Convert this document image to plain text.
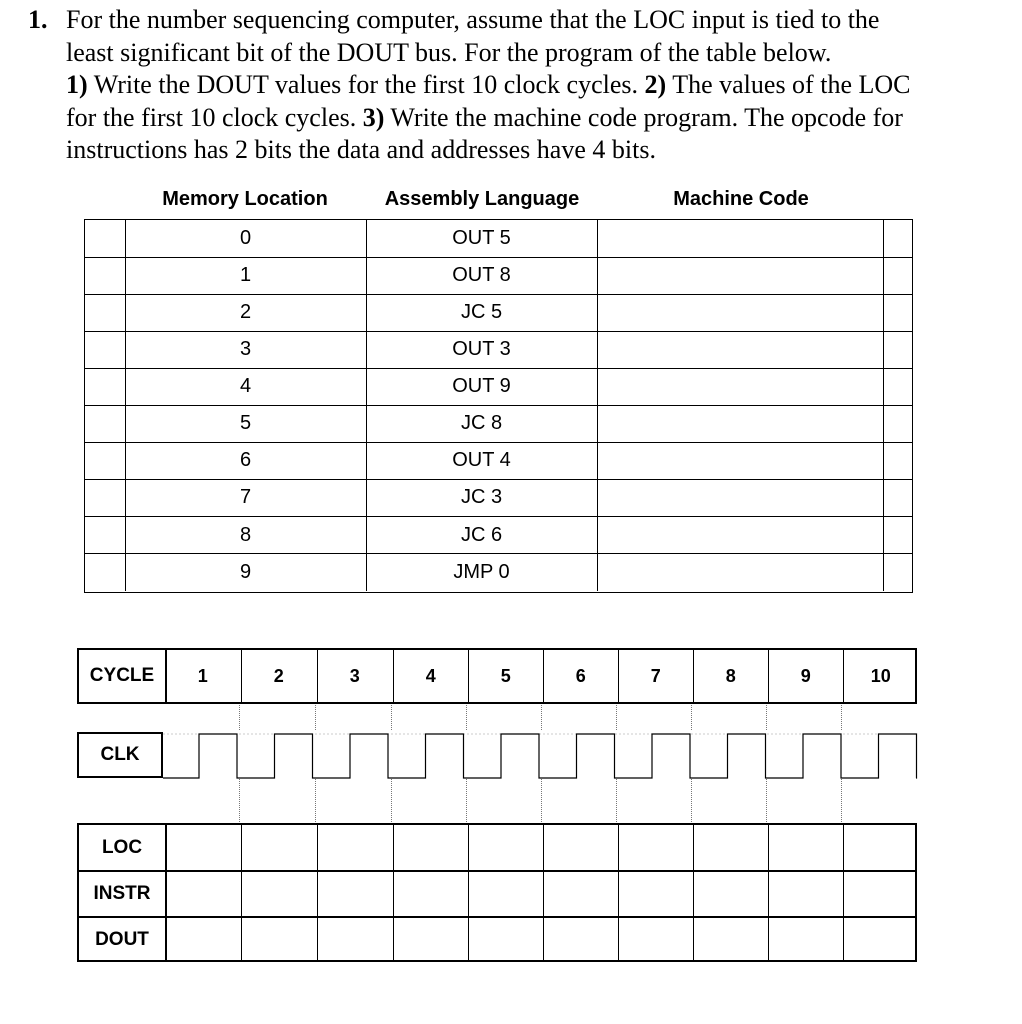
1. For the number sequencing computer, assume that the LOC input is tied to the
least significant bit of the DOUT bus. For the program of the table below.
1) Write the DOUT values for the first 10 clock cycles. 2) The values of the LOC
for the first 10 clock cycles. 3) Write the machine code program. The opcode for
instructions has 2 bits the data and addresses have 4 bits.
Memory Location	Assembly Language	Machine Code
0	OUT 5
1	OUT 8
2	JC 5
3	OUT 3
4	OUT 9
5	JC 8
6	OUT 4
7	JC 3
8	JC 6
9	JMP 0
CYCLE	1	2	3	4	5	6	7	8	9	10
CLK
LOC
INSTR
DOUT
